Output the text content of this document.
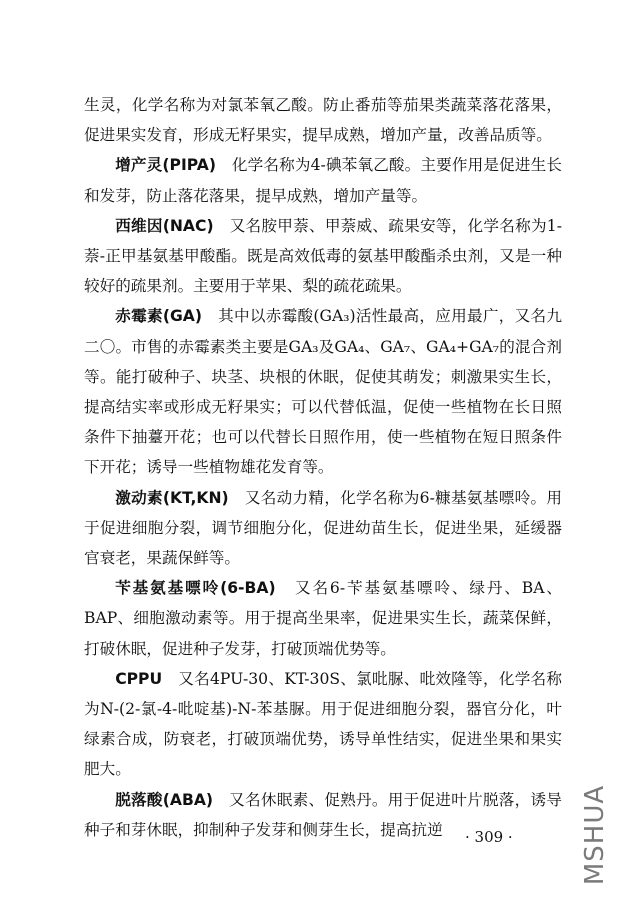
生灵，化学名称为对氯苯氧乙酸。防止番茄等茄果类蔬菜落花落果，促进果实发育，形成无籽果实，提早成熟，增加产量，改善品质等。

增产灵(PIPA)　化学名称为4-碘苯氧乙酸。主要作用是促进生长和发芽，防止落花落果，提早成熟，增加产量等。

西维因(NAC)　又名胺甲萘、甲萘威、疏果安等，化学名称为1-萘-正甲基氨基甲酸酯。既是高效低毒的氨基甲酸酯杀虫剂，又是一种较好的疏果剂。主要用于苹果、梨的疏花疏果。

赤霉素(GA)　其中以赤霉酸(GA₃)活性最高，应用最广，又名九二〇。市售的赤霉素类主要是GA₃及GA₄、GA₇、GA₄+GA₇的混合剂等。能打破种子、块茎、块根的休眠，促使其萌发；刺激果实生长，提高结实率或形成无籽果实；可以代替低温，促使一些植物在长日照条件下抽薹开花；也可以代替长日照作用，使一些植物在短日照条件下开花；诱导一些植物雄花发育等。

激动素(KT,KN)　又名动力精，化学名称为6-糠基氨基嘌呤。用于促进细胞分裂，调节细胞分化，促进幼苗生长，促进坐果，延缓器官衰老，果蔬保鲜等。

苄基氨基嘌呤(6-BA)　又名6-苄基氨基嘌呤、绿丹、BA、BAP、细胞激动素等。用于提高坐果率，促进果实生长，蔬菜保鲜，打破休眠，促进种子发芽，打破顶端优势等。

CPPU　又名4PU-30、KT-30S、氯吡脲、吡效隆等，化学名称为N-(2-氯-4-吡啶基)-N-苯基脲。用于促进细胞分裂，器官分化，叶绿素合成，防衰老，打破顶端优势，诱导单性结实，促进坐果和果实肥大。

脱落酸(ABA)　又名休眠素、促熟丹。用于促进叶片脱落，诱导种子和芽休眠，抑制种子发芽和侧芽生长，提高抗逆	· 309 ·	MSHUA
